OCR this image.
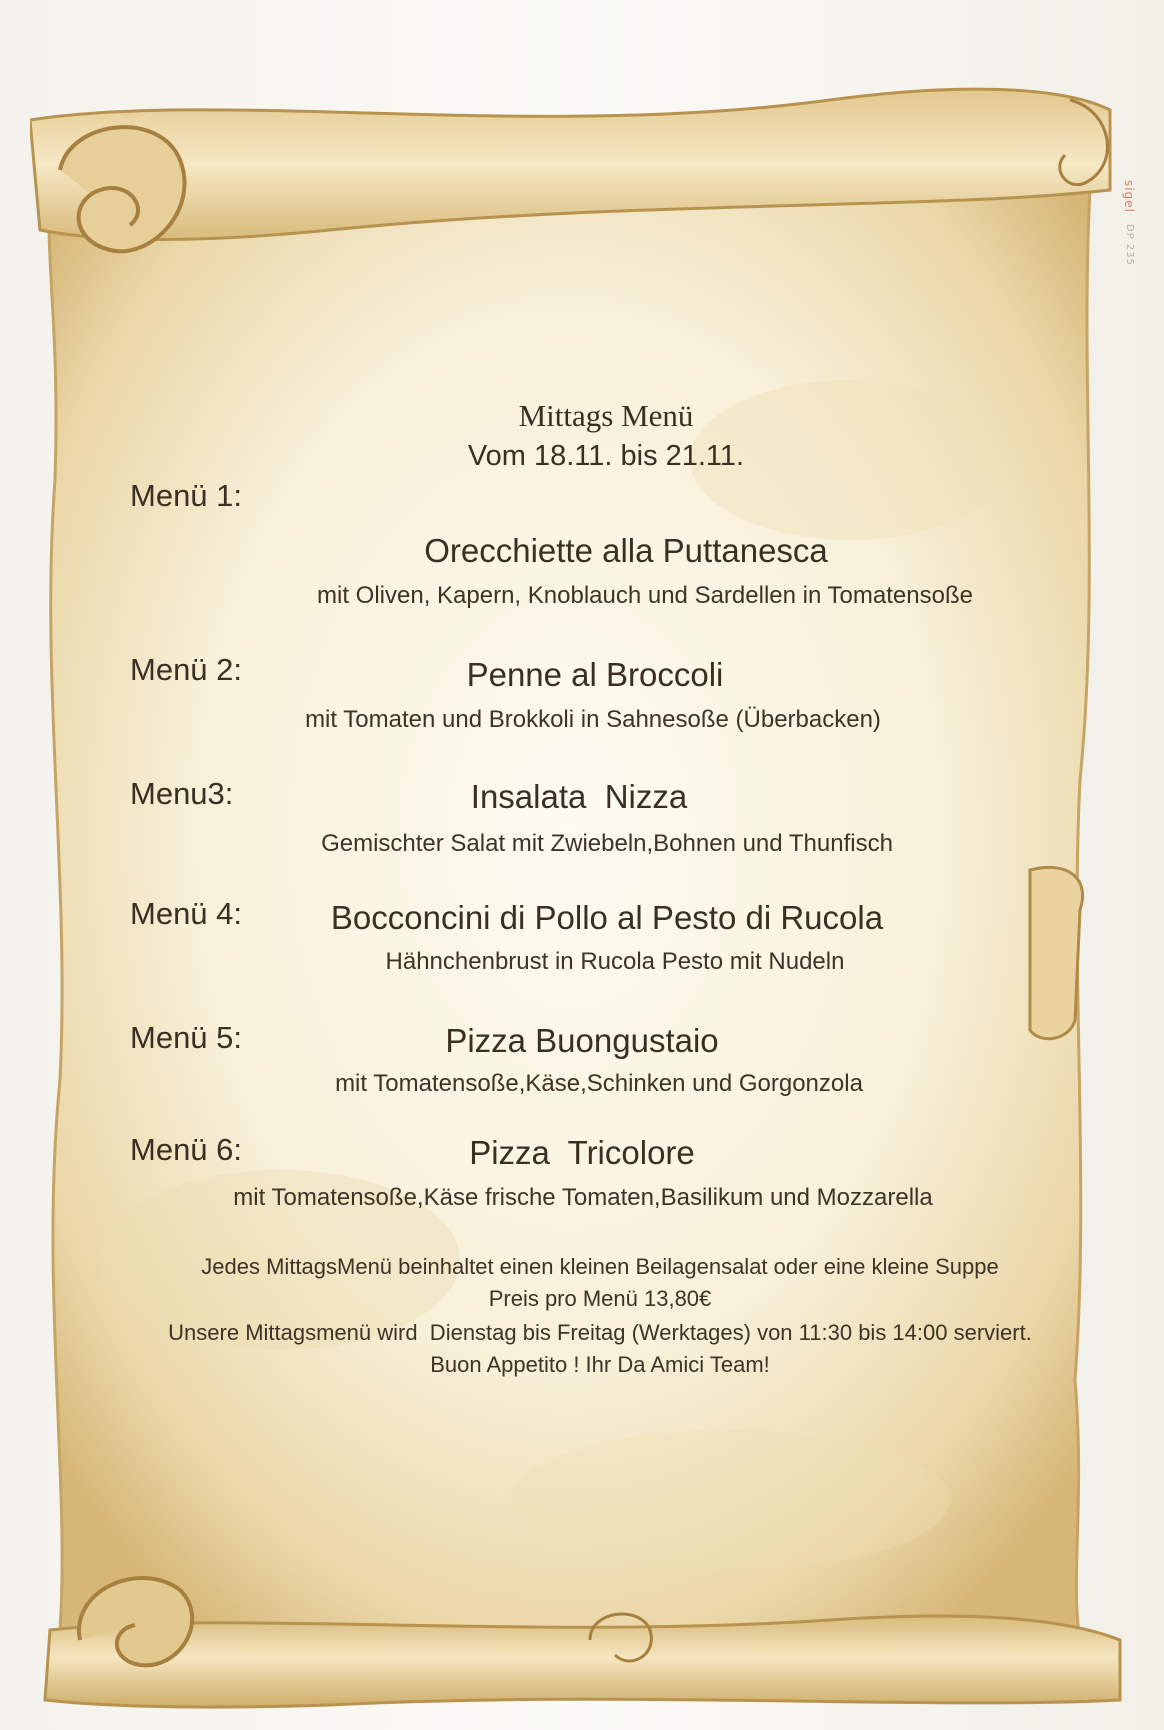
sigel DP 235
Mittags Menü
Vom 18.11. bis 21.11.
Menü 1:
Orecchiette alla Puttanesca
mit Oliven, Kapern, Knoblauch und Sardellen in Tomatensoße
Menü 2:	Penne al Broccoli
mit Tomaten und Brokkoli in Sahnesoße (Überbacken)
Menu3:	Insalata  Nizza
Gemischter Salat mit Zwiebeln,Bohnen und Thunfisch
Menü 4:	Bocconcini di Pollo al Pesto di Rucola
Hähnchenbrust in Rucola Pesto mit Nudeln
Menü 5:	Pizza Buongustaio
mit Tomatensoße,Käse,Schinken und Gorgonzola
Menü 6:	Pizza  Tricolore
mit Tomatensoße,Käse frische Tomaten,Basilikum und Mozzarella
Jedes MittagsMenü beinhaltet einen kleinen Beilagensalat oder eine kleine Suppe
Preis pro Menü 13,80€
Unsere Mittagsmenü wird  Dienstag bis Freitag (Werktages) von 11:30 bis 14:00 serviert.
Buon Appetito ! Ihr Da Amici Team!
